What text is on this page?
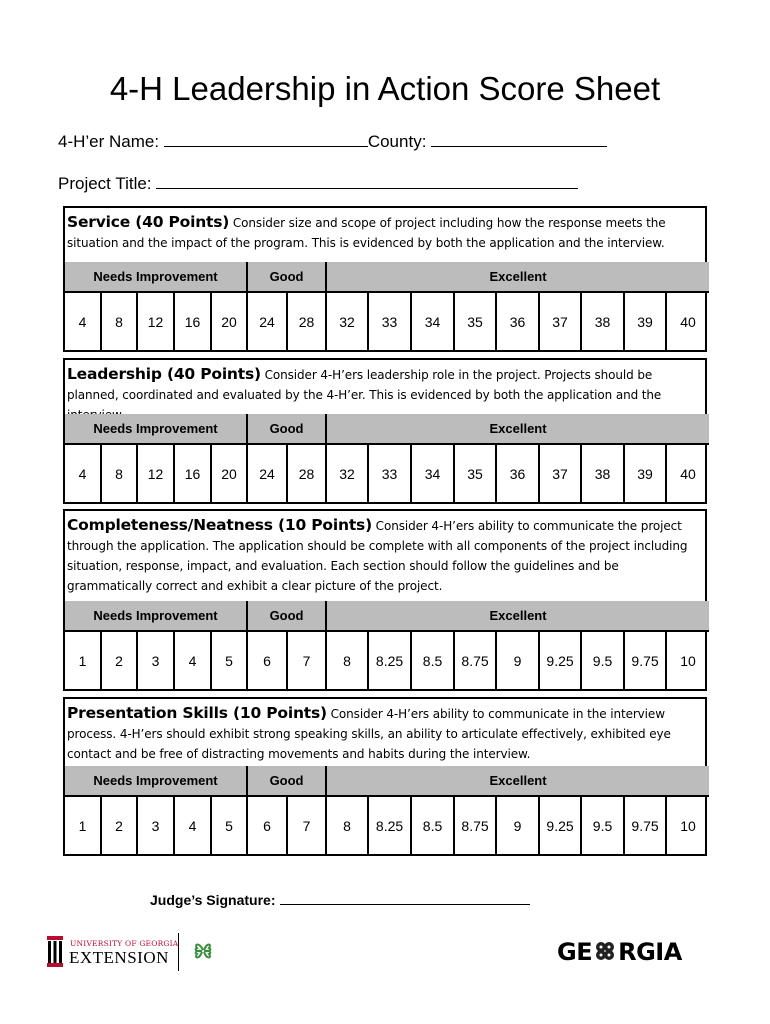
4-H Leadership in Action Score Sheet
4-H’er Name:	County:
Project Title:
Service (40 Points) Consider size and scope of project including how the response meets the situation and the impact of the program. This is evidenced by both the application and the interview.
Needs Improvement					Good		Excellent								
4	8	12	16	20	24	28	32	33	34	35	36	37	38	39	40
Leadership (40 Points) Consider 4-H’ers leadership role in the project. Projects should be planned, coordinated and evaluated by the 4-H’er. This is evidenced by both the application and the
Needs Improvement					Good		Excellent								
4	8	12	16	20	24	28	32	33	34	35	36	37	38	39	40
Completeness/Neatness (10 Points) Consider 4-H’ers ability to communicate the project through the application. The application should be complete with all components of the project including situation, response, impact, and evaluation. Each section should follow the guidelines and be grammatically correct and exhibit a clear picture of the project.
Needs Improvement					Good		Excellent								
1	2	3	4	5	6	7	8	8.25	8.5	8.75	9	9.25	9.5	9.75	10
Presentation Skills (10 Points) Consider 4-H’ers ability to communicate in the interview process. 4-H’ers should exhibit strong speaking skills, an ability to articulate effectively, exhibited eye contact and be free of distracting movements and habits during the interview.
Needs Improvement					Good		Excellent								
1	2	3	4	5	6	7	8	8.25	8.5	8.75	9	9.25	9.5	9.75	10
Judge’s Signature:
UNIVERSITY OF GEORGIA
EXTENSION	GE RGIA
